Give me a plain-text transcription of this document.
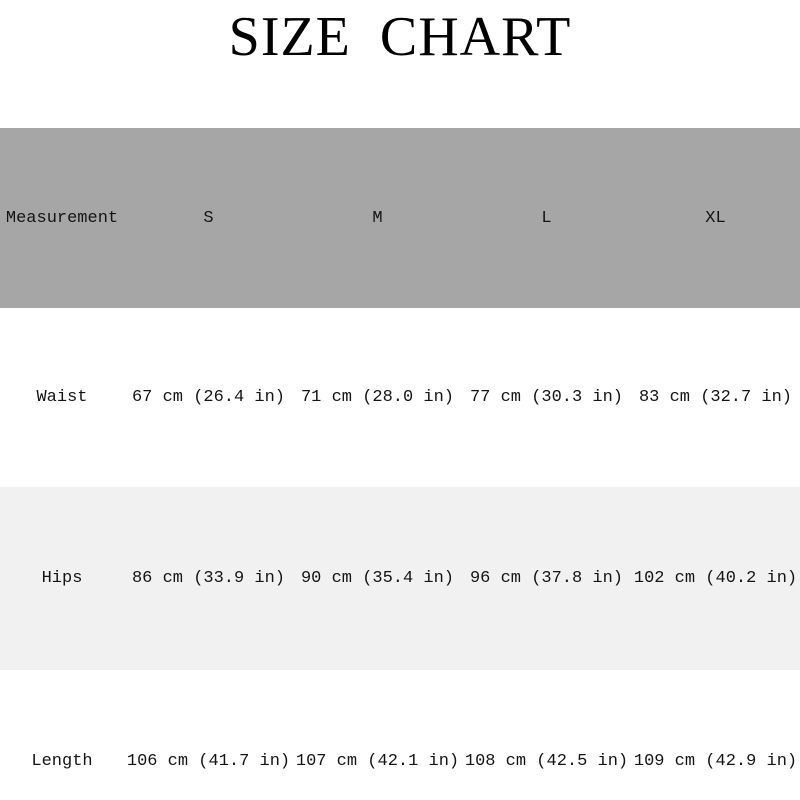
SIZE CHART
Measurement	S	M	L	XL
Waist	67 cm (26.4 in)	71 cm (28.0 in)	77 cm (30.3 in)	83 cm (32.7 in)
Hips	86 cm (33.9 in)	90 cm (35.4 in)	96 cm (37.8 in)	102 cm (40.2 in)
Length	106 cm (41.7 in)	107 cm (42.1 in)	108 cm (42.5 in)	109 cm (42.9 in)
